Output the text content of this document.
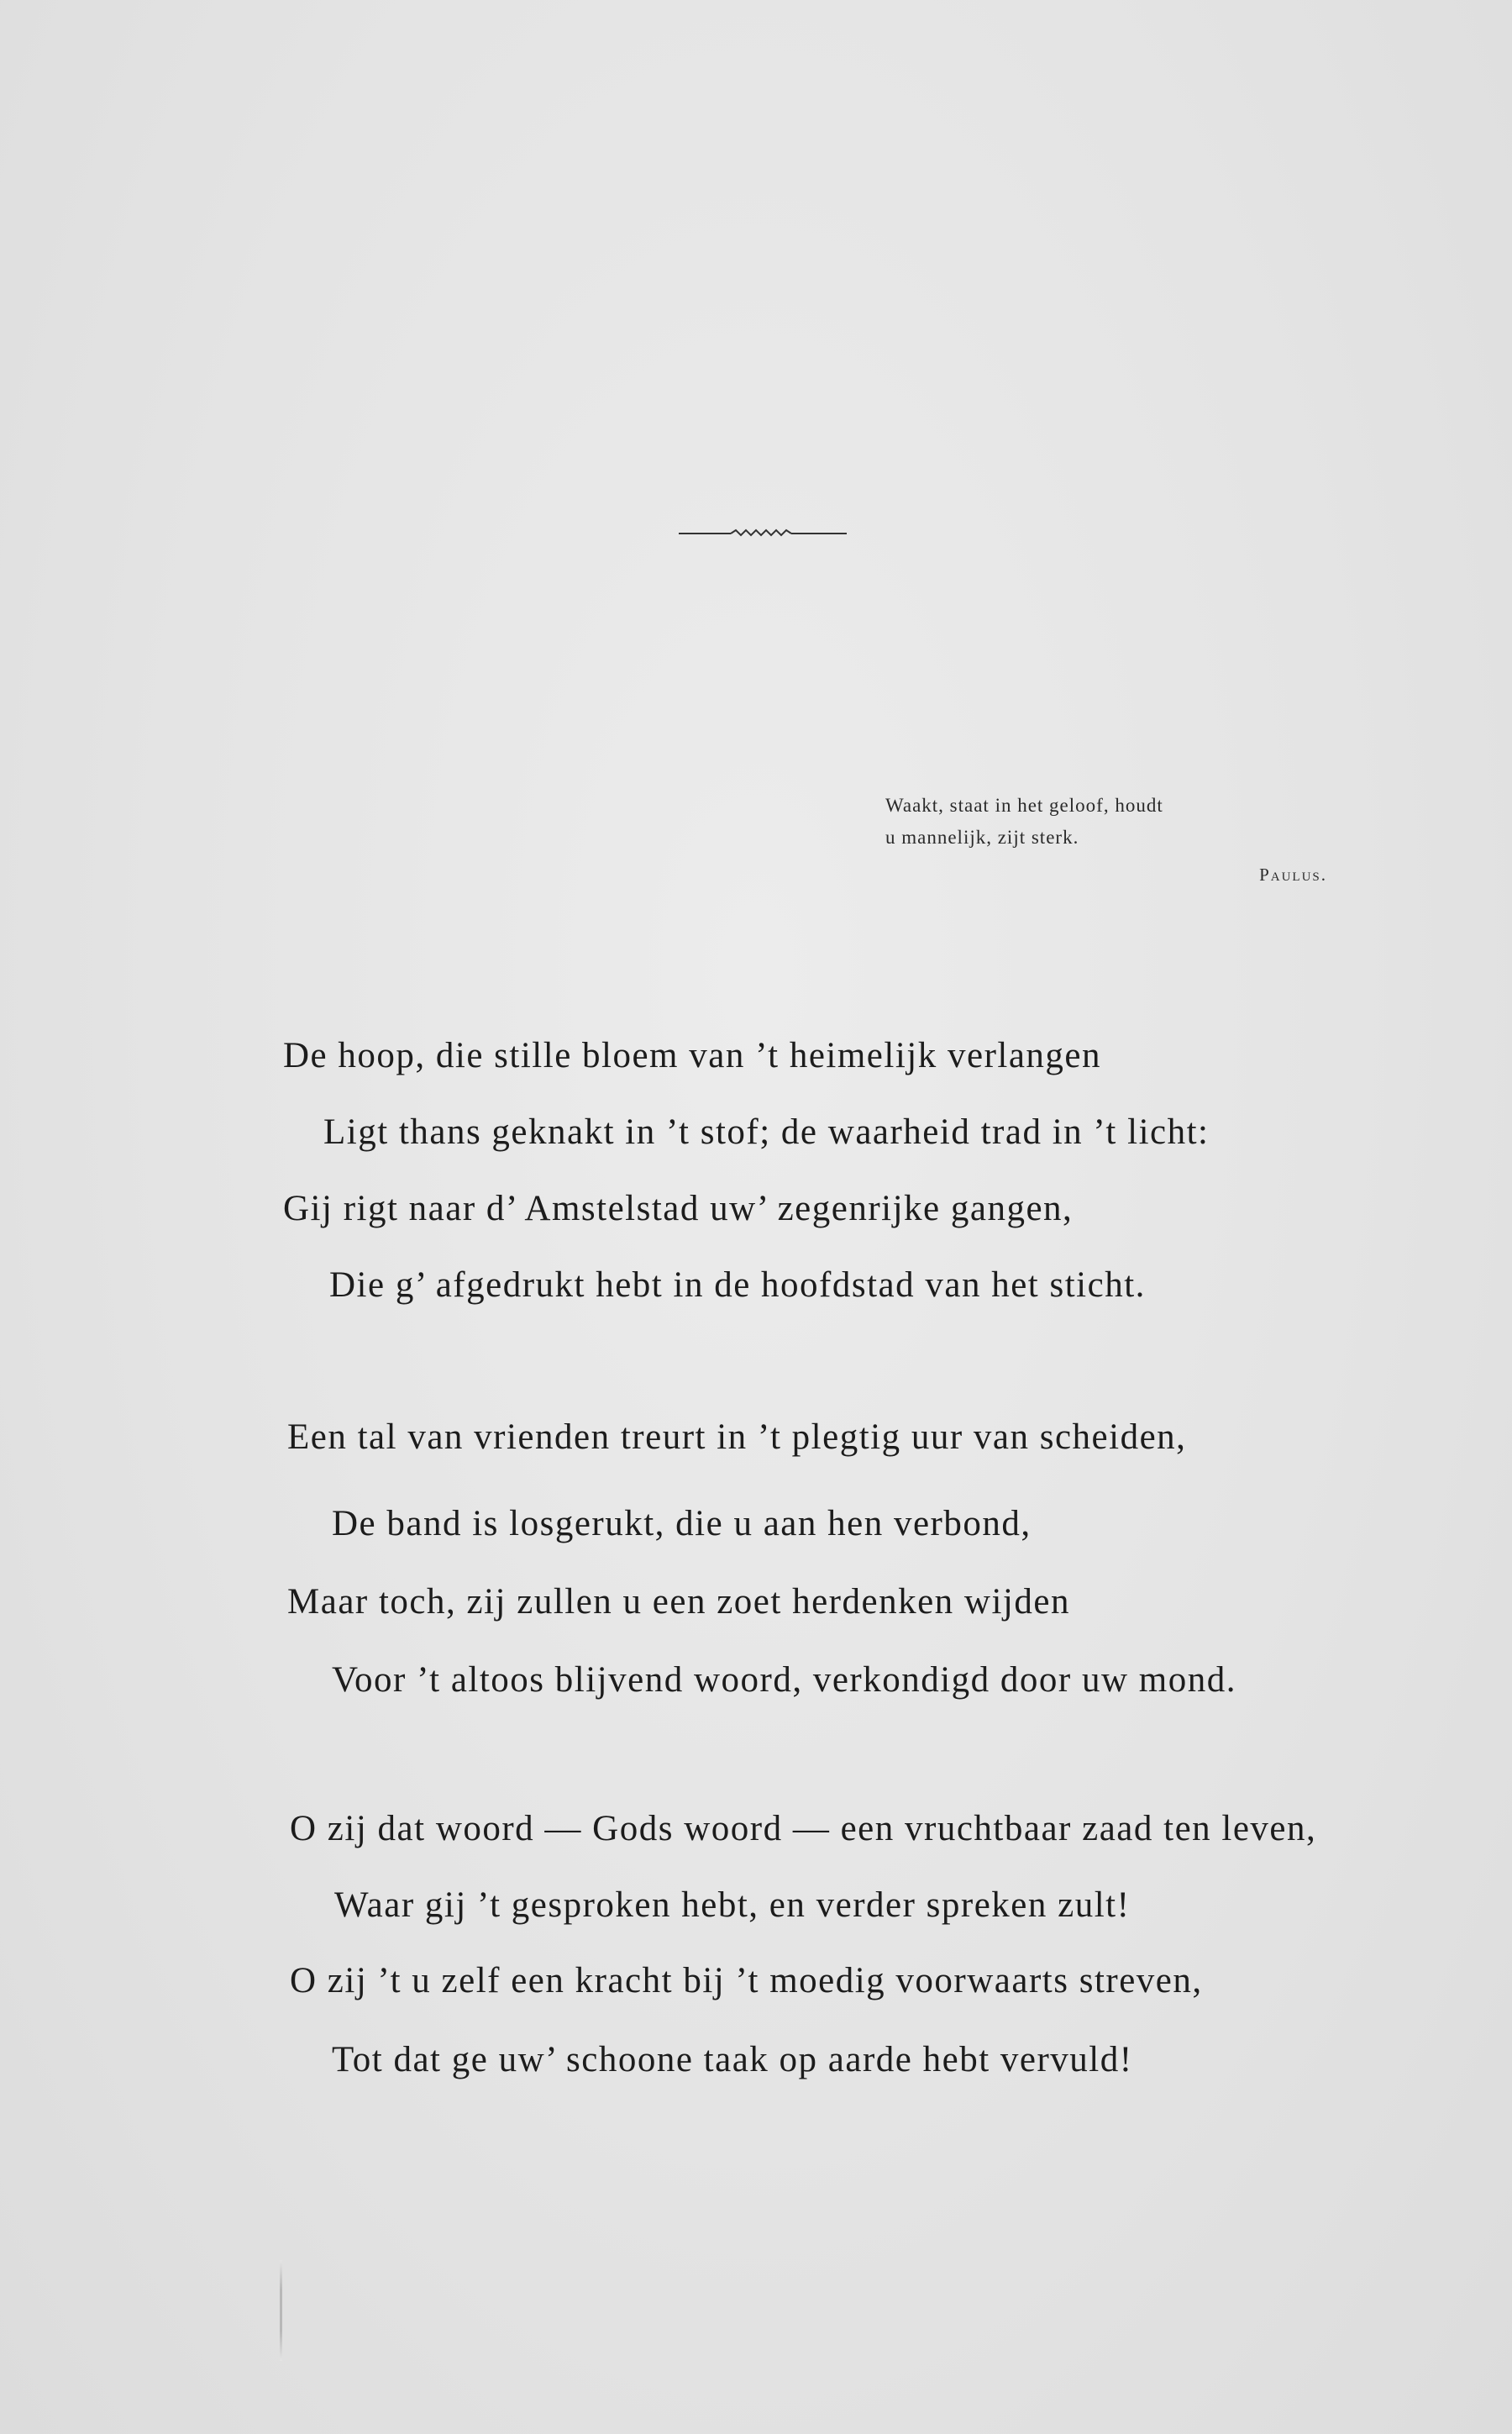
Waakt, staat in het geloof, houdt
u mannelijk, zijt sterk.
Paulus.
De hoop, die stille bloem van ’t heimelijk verlangen
Ligt thans geknakt in ’t stof; de waarheid trad in ’t licht:
Gij rigt naar d’ Amstelstad uw’ zegenrijke gangen,
Die g’ afgedrukt hebt in de hoofdstad van het sticht.
Een tal van vrienden treurt in ’t plegtig uur van scheiden,
De band is losgerukt, die u aan hen verbond,
Maar toch, zij zullen u een zoet herdenken wijden
Voor ’t altoos blijvend woord, verkondigd door uw mond.
O zij dat woord — Gods woord — een vruchtbaar zaad ten leven,
Waar gij ’t gesproken hebt, en verder spreken zult!
O zij ’t u zelf een kracht bij ’t moedig voorwaarts streven,
Tot dat ge uw’ schoone taak op aarde hebt vervuld!
